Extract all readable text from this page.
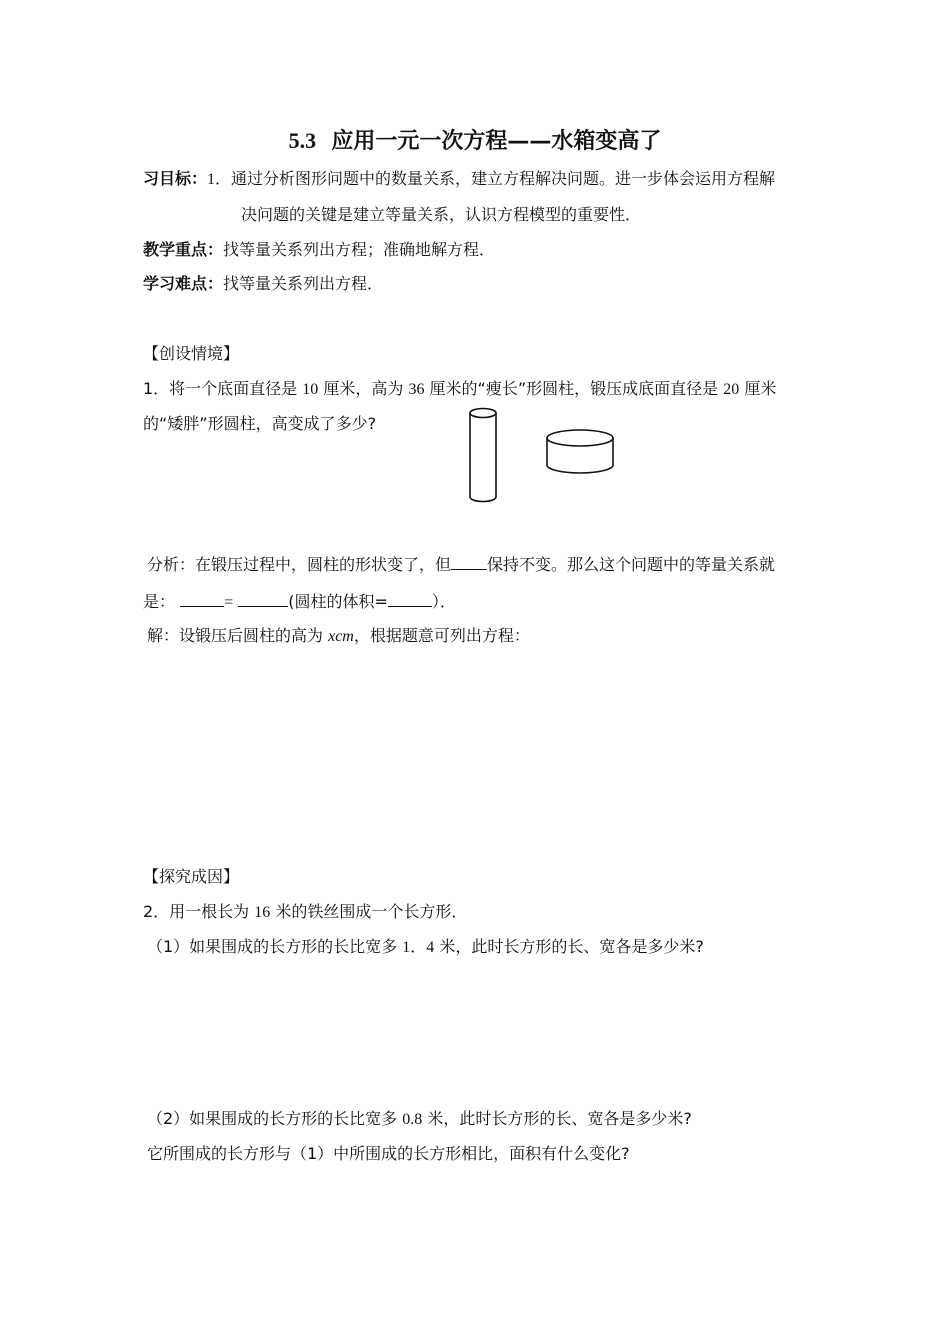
5.3 应用一元一次方程——水箱变高了
习目标：1．通过分析图形问题中的数量关系，建立方程解决问题。进一步体会运用方程解
决问题的关键是建立等量关系，认识方程模型的重要性．
教学重点：找等量关系列出方程；准确地解方程．
学习难点：找等量关系列出方程．
【创设情境】
1．将一个底面直径是 10 厘米，高为 36 厘米的“瘦长”形圆柱，锻压成底面直径是 20 厘米
的“矮胖”形圆柱，高变成了多少?
分析：在锻压过程中，圆柱的形状变了，但 保持不变。那么这个问题中的等量关系就
是：	=	(圆柱的体积=	）．
解：设锻压后圆柱的高为 xcm，根据题意可列出方程：
【探究成因】
2．用一根长为 16 米的铁丝围成一个长方形．
（1）如果围成的长方形的长比宽多 1．4 米，此时长方形的长、宽各是多少米?
（2）如果围成的长方形的长比宽多 0.8 米，此时长方形的长、宽各是多少米?
它所围成的长方形与（1）中所围成的长方形相比，面积有什么变化?
